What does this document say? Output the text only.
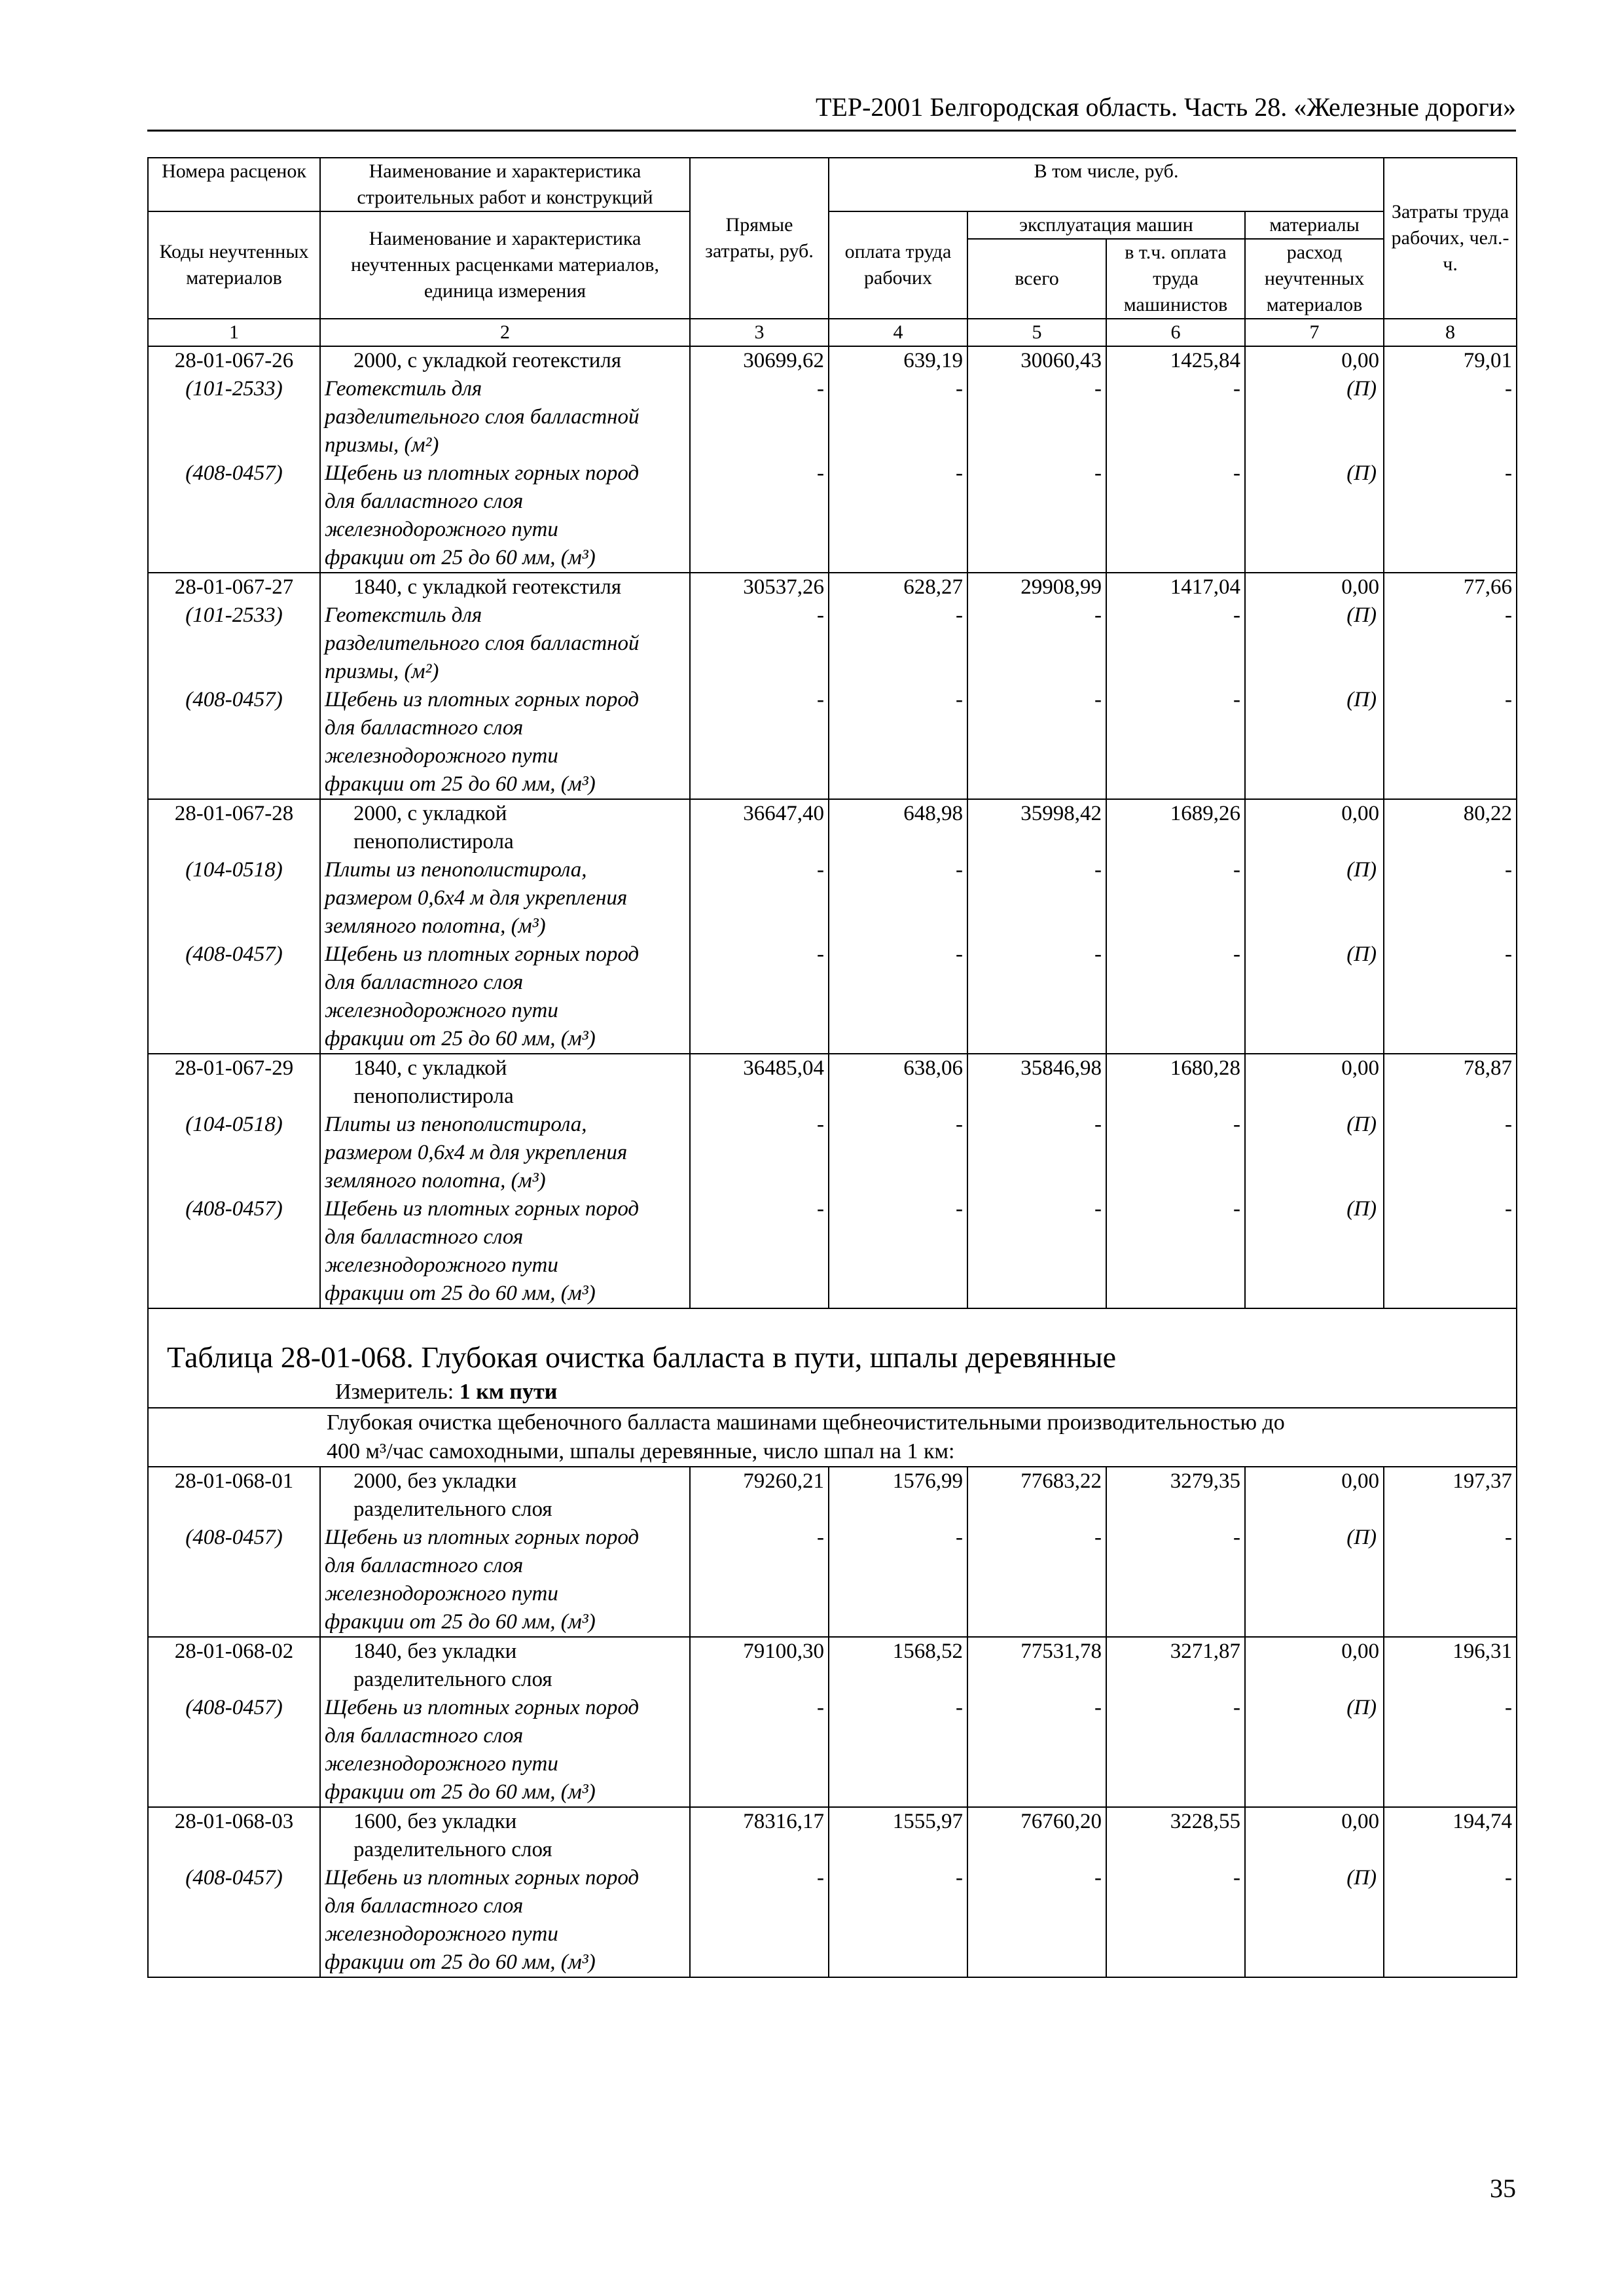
ТЕР-2001 Белгородская область. Часть 28. «Железные дороги»
Номера расценок	Наименование и характеристика строительных работ и конструкций	Прямые затраты, руб.	В том числе, руб.				Затраты труда рабочих, чел.-ч.
Коды неучтенных материалов	Наименование и характеристика неучтенных расценками материалов, единица измерения		оплата труда рабочих	эксплуатация машин		материалы	
				всего	в т.ч. оплата труда машинистов	расход неучтенных материалов	
1	2	3	4	5	6	7	8
28-01-067-26	2000, с укладкой геотекстиля	30699,62	639,19	30060,43	1425,84	0,00	79,01
(101-2533)	Геотекстиль для
разделительного слоя балластной
призмы, (м²)	-	-	-	-	(П)	-
(408-0457)	Щебень из плотных горных пород
для балластного слоя
железнодорожного пути
фракции от 25 до 60 мм, (м³)	-	-	-	-	(П)	-
28-01-067-27	1840, с укладкой геотекстиля	30537,26	628,27	29908,99	1417,04	0,00	77,66
(101-2533)	Геотекстиль для
разделительного слоя балластной
призмы, (м²)	-	-	-	-	(П)	-
(408-0457)	Щебень из плотных горных пород
для балластного слоя
железнодорожного пути
фракции от 25 до 60 мм, (м³)	-	-	-	-	(П)	-
28-01-067-28	2000, с укладкой
пенополистирола	36647,40	648,98	35998,42	1689,26	0,00	80,22
(104-0518)	Плиты из пенополистирола,
размером 0,6х4 м для укрепления
земляного полотна, (м³)	-	-	-	-	(П)	-
(408-0457)	Щебень из плотных горных пород
для балластного слоя
железнодорожного пути
фракции от 25 до 60 мм, (м³)	-	-	-	-	(П)	-
28-01-067-29	1840, с укладкой
пенополистирола	36485,04	638,06	35846,98	1680,28	0,00	78,87
(104-0518)	Плиты из пенополистирола,
размером 0,6х4 м для укрепления
земляного полотна, (м³)	-	-	-	-	(П)	-
(408-0457)	Щебень из плотных горных пород
для балластного слоя
железнодорожного пути
фракции от 25 до 60 мм, (м³)	-	-	-	-	(П)	-
Таблица 28-01-068. Глубокая очистка балласта в пути, шпалы деревянные							
Измеритель: 1 км пути							

	Глубокая очистка щебеночного балласта машинами щебнеочистительными производительностью до
400 м³/час самоходными, шпалы деревянные, число шпал на 1 км:						

28-01-068-01	2000, без укладки
разделительного слоя	79260,21	1576,99	77683,22	3279,35	0,00	197,37
(408-0457)	Щебень из плотных горных пород
для балластного слоя
железнодорожного пути
фракции от 25 до 60 мм, (м³)	-	-	-	-	(П)	-
28-01-068-02	1840, без укладки
разделительного слоя	79100,30	1568,52	77531,78	3271,87	0,00	196,31
(408-0457)	Щебень из плотных горных пород
для балластного слоя
железнодорожного пути
фракции от 25 до 60 мм, (м³)	-	-	-	-	(П)	-
28-01-068-03	1600, без укладки
разделительного слоя	78316,17	1555,97	76760,20	3228,55	0,00	194,74
(408-0457)	Щебень из плотных горных пород
для балластного слоя
железнодорожного пути
фракции от 25 до 60 мм, (м³)	-	-	-	-	(П)	-
35
